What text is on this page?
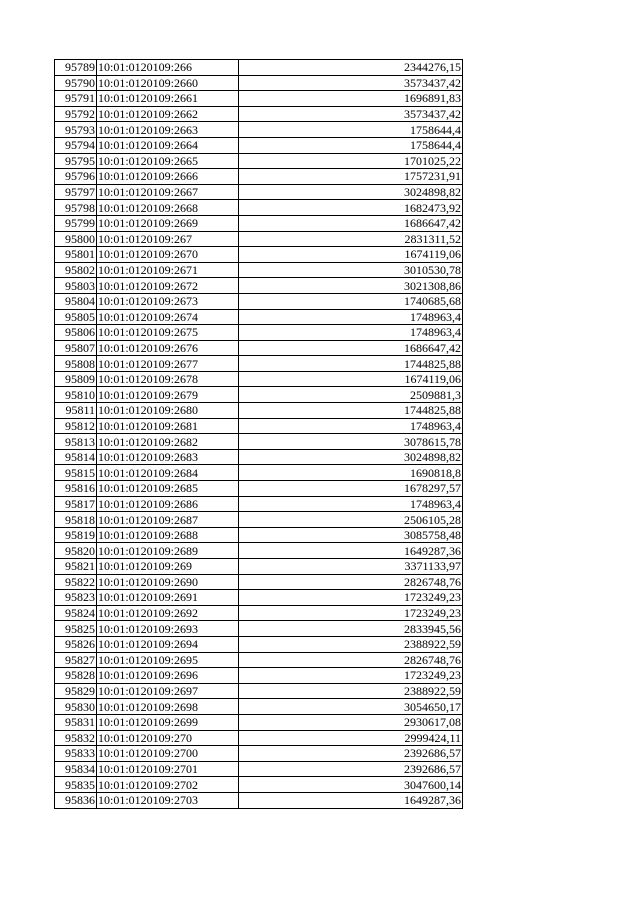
95789	10:01:0120109:266	2344276,15
95790	10:01:0120109:2660	3573437,42
95791	10:01:0120109:2661	1696891,83
95792	10:01:0120109:2662	3573437,42
95793	10:01:0120109:2663	1758644,4
95794	10:01:0120109:2664	1758644,4
95795	10:01:0120109:2665	1701025,22
95796	10:01:0120109:2666	1757231,91
95797	10:01:0120109:2667	3024898,82
95798	10:01:0120109:2668	1682473,92
95799	10:01:0120109:2669	1686647,42
95800	10:01:0120109:267	2831311,52
95801	10:01:0120109:2670	1674119,06
95802	10:01:0120109:2671	3010530,78
95803	10:01:0120109:2672	3021308,86
95804	10:01:0120109:2673	1740685,68
95805	10:01:0120109:2674	1748963,4
95806	10:01:0120109:2675	1748963,4
95807	10:01:0120109:2676	1686647,42
95808	10:01:0120109:2677	1744825,88
95809	10:01:0120109:2678	1674119,06
95810	10:01:0120109:2679	2509881,3
95811	10:01:0120109:2680	1744825,88
95812	10:01:0120109:2681	1748963,4
95813	10:01:0120109:2682	3078615,78
95814	10:01:0120109:2683	3024898,82
95815	10:01:0120109:2684	1690818,8
95816	10:01:0120109:2685	1678297,57
95817	10:01:0120109:2686	1748963,4
95818	10:01:0120109:2687	2506105,28
95819	10:01:0120109:2688	3085758,48
95820	10:01:0120109:2689	1649287,36
95821	10:01:0120109:269	3371133,97
95822	10:01:0120109:2690	2826748,76
95823	10:01:0120109:2691	1723249,23
95824	10:01:0120109:2692	1723249,23
95825	10:01:0120109:2693	2833945,56
95826	10:01:0120109:2694	2388922,59
95827	10:01:0120109:2695	2826748,76
95828	10:01:0120109:2696	1723249,23
95829	10:01:0120109:2697	2388922,59
95830	10:01:0120109:2698	3054650,17
95831	10:01:0120109:2699	2930617,08
95832	10:01:0120109:270	2999424,11
95833	10:01:0120109:2700	2392686,57
95834	10:01:0120109:2701	2392686,57
95835	10:01:0120109:2702	3047600,14
95836	10:01:0120109:2703	1649287,36
